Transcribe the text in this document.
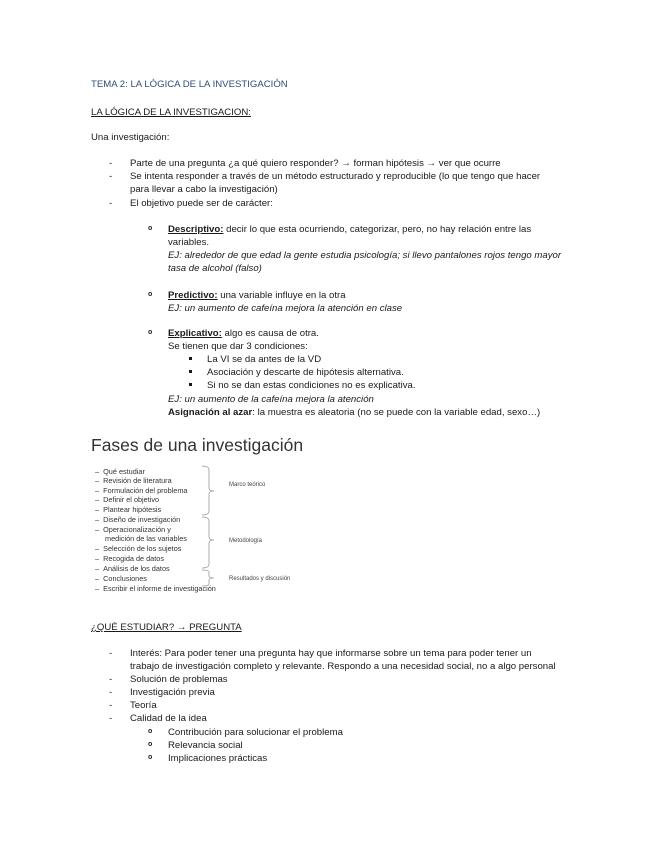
TEMA 2: LA LÓGICA DE LA INVESTIGACIÓN
LA LÓGICA DE LA INVESTIGACION:
Una investigación:
-	Parte de una pregunta ¿a qué quiero responder? → forman hipótesis → ver que ocurre
-	Se intenta responder a través de un método estructurado y reproducible (lo que tengo que hacer
para llevar a cabo la investigación)
-	El objetivo puede ser de carácter:
o Descriptivo: decir lo que esta ocurriendo, categorizar, pero, no hay relación entre las
variables.
EJ: alrededor de que edad la gente estudia psicología; si llevo pantalones rojos tengo mayor
tasa de alcohol (falso)
o Predictivo: una variable influye en la otra
EJ: un aumento de cafeína mejora la atención en clase
o Explicativo: algo es causa de otra.
Se tienen que dar 3 condiciones:
La VI se da antes de la VD
Asociación y descarte de hipótesis alternativa.
Si no se dan estas condiciones no es explicativa.
EJ: un aumento de la cafeína mejora la atención
Asignación al azar: la muestra es aleatoria (no se puede con la variable edad, sexo…)
Fases de una investigación
–  Qué estudiar
–  Revisión de literatura
–  Formulación del problema
–  Definir el objetivo
–  Plantear hipótesis
–  Diseño de investigación
–  Operacionalización y
medición de las variables
–  Selección de los sujetos
–  Recogida de datos
–  Análisis de los datos
–  Conclusiones
–  Escribir el informe de investigación
Marco teórico
Metodología
Resultados y discusión
¿QUÉ ESTUDIAR? → PREGUNTA
-	Interés: Para poder tener una pregunta hay que informarse sobre un tema para poder tener un
trabajo de investigación completo y relevante. Respondo a una necesidad social, no a algo personal
-	Solución de problemas
-	Investigación previa
-	Teoría
-	Calidad de la idea
o Contribución para solucionar el problema
o Relevancia social
o Implicaciones prácticas
